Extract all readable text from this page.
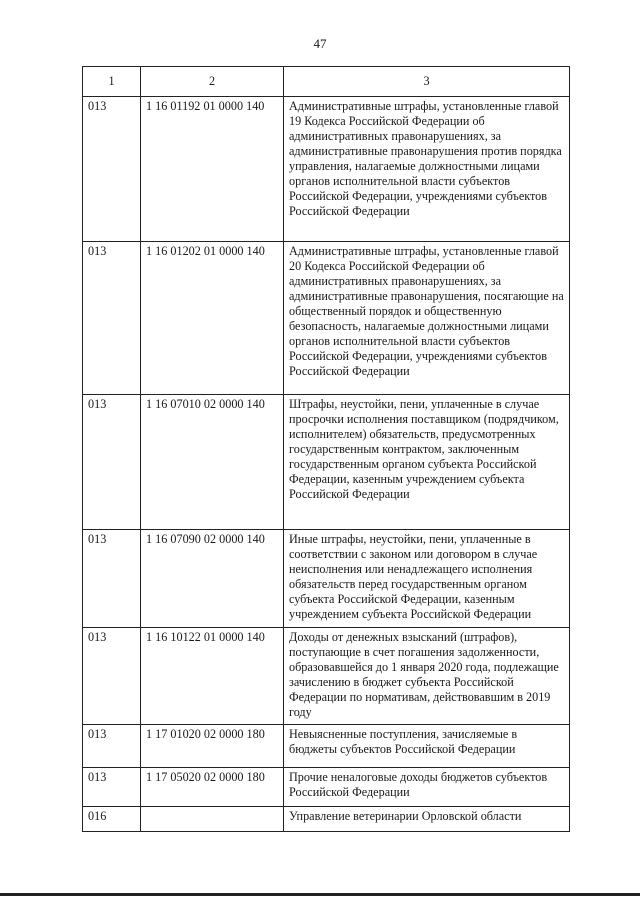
47
1	2	3
013	1 16 01192 01 0000 140	Административные штрафы, установленные главой 19 Кодекса Российской Федерации об административных правонарушениях, за административные правонарушения против порядка управления, налагаемые должностными лицами органов исполнительной власти субъектов Российской Федерации, учреждениями субъектов Российской Федерации
013	1 16 01202 01 0000 140	Административные штрафы, установленные главой 20 Кодекса Российской Федерации об административных правонарушениях, за административные правонарушения, посягающие на общественный порядок и общественную безопасность, налагаемые должностными лицами органов исполнительной власти субъектов Российской Федерации, учреждениями субъектов Российской Федерации
013	1 16 07010 02 0000 140	Штрафы, неустойки, пени, уплаченные в случае просрочки исполнения поставщиком (подрядчиком, исполнителем) обязательств, предусмотренных государственным контрактом, заключенным государственным органом субъекта Российской Федерации, казенным учреждением субъекта Российской Федерации
013	1 16 07090 02 0000 140	Иные штрафы, неустойки, пени, уплаченные в соответствии с законом или договором в случае неисполнения или ненадлежащего исполнения обязательств перед государственным органом субъекта Российской Федерации, казенным учреждением субъекта Российской Федерации
013	1 16 10122 01 0000 140	Доходы от денежных взысканий (штрафов), поступающие в счет погашения задолженности, образовавшейся до 1 января 2020 года, подлежащие зачислению в бюджет субъекта Российской Федерации по нормативам, действовавшим в 2019 году
013	1 17 01020 02 0000 180	Невыясненные поступления, зачисляемые в бюджеты субъектов Российской Федерации
013	1 17 05020 02 0000 180	Прочие неналоговые доходы бюджетов субъектов Российской Федерации
016		Управление ветеринарии Орловской области
